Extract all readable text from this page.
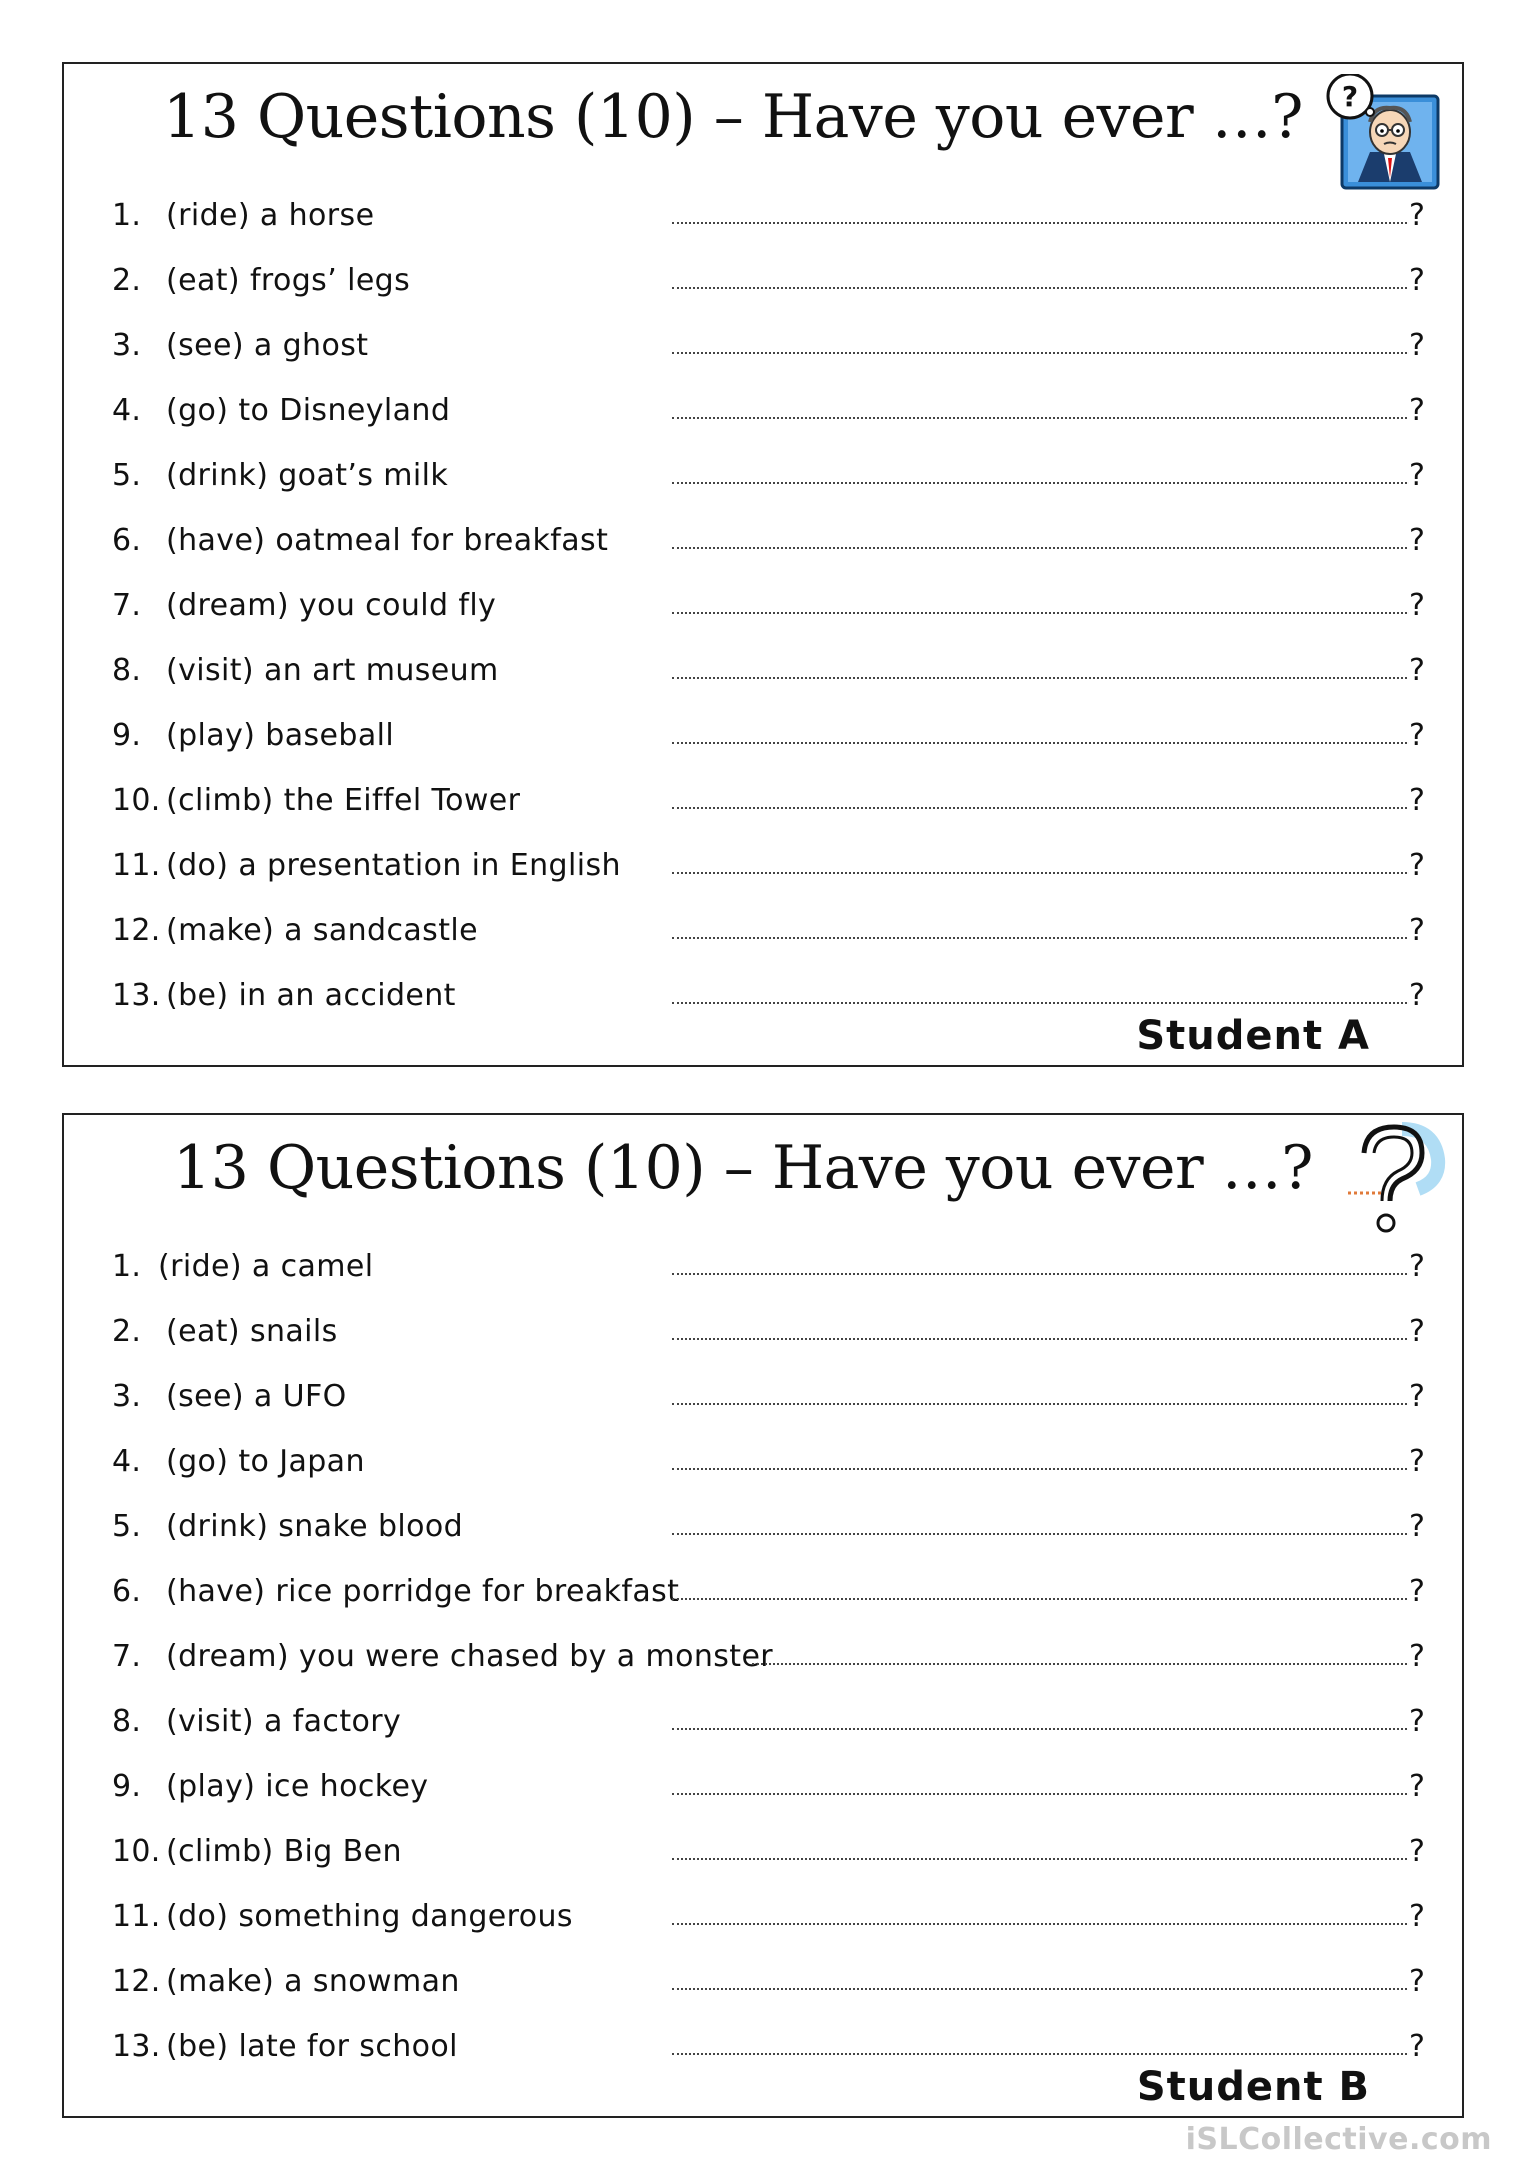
13 Questions (10) – Have you ever …?	?
1. (ride) a horse	?
2. (eat) frogs’ legs	?
3. (see) a ghost	?
4. (go) to Disneyland	?
5. (drink) goat’s milk	?
6. (have) oatmeal for breakfast	?
7. (dream) you could fly	?
8. (visit) an art museum	?
9. (play) baseball	?
10. (climb) the Eiffel Tower	?
11. (do) a presentation in English	?
12. (make) a sandcastle	?
13. (be) in an accident	?
Student A
13 Questions (10) – Have you ever …?
1. (ride) a camel	?
2. (eat) snails	?
3. (see) a UFO	?
4. (go) to Japan	?
5. (drink) snake blood	?
6. (have) rice porridge for breakfast	?
7. (dream) you were chased by a monster	?
8. (visit) a factory	?
9. (play) ice hockey	?
10. (climb) Big Ben	?
11. (do) something dangerous	?
12. (make) a snowman	?
13. (be) late for school	?
Student B
iSLCollective.com
